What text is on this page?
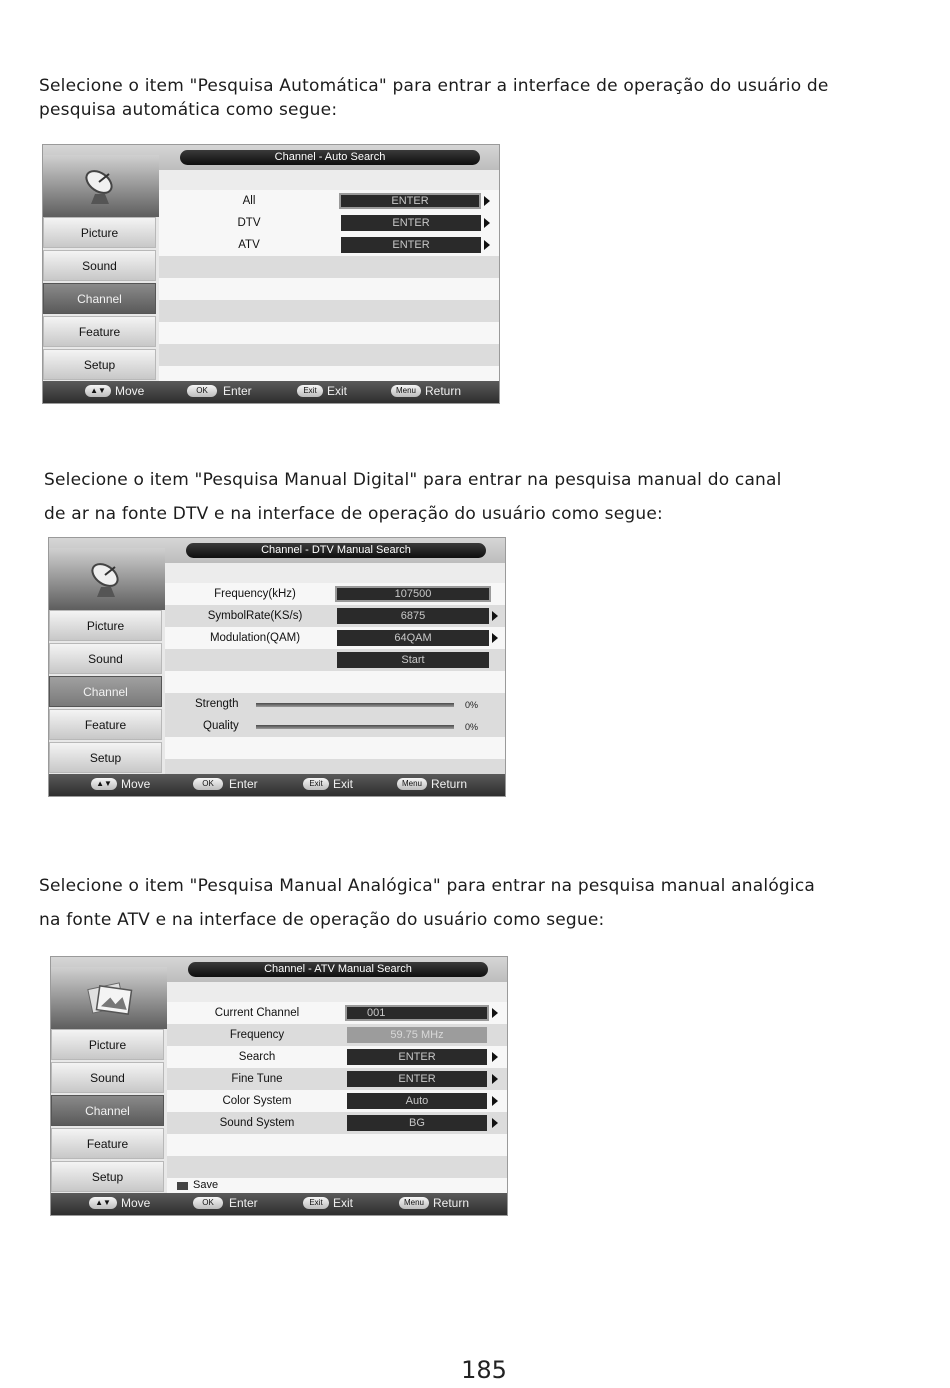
Selecione o item "Pesquisa Automática" para entrar a interface de operação do usuário de
pesquisa automática como segue:
Channel - Auto Search
Picture
Sound
Channel
Feature
Setup
All	ENTER
DTV	ENTER
ATV	ENTER
▲▼ Move	OK	Enter	Exit Exit	Menu Return
Selecione o item "Pesquisa Manual Digital" para entrar na pesquisa manual do canal
de ar na fonte DTV e na interface de operação do usuário como segue:
Channel - DTV Manual Search
Picture
Sound
Channel
Feature
Setup
Frequency(kHz)	107500
SymbolRate(KS/s)	6875
Modulation(QAM)	64QAM
Start
Strength	0%
Quality	0%
▲▼ Move	OK	Enter	Exit Exit	Menu Return
Selecione o item "Pesquisa Manual Analógica" para entrar na pesquisa manual analógica
na fonte ATV e na interface de operação do usuário como segue:
Channel - ATV Manual Search
Picture
Sound
Channel
Feature
Setup
Current Channel	001
Frequency	59.75 MHz
Search	ENTER
Fine Tune	ENTER
Color System	Auto
Sound System	BG
Save
▲▼ Move	OK	Enter	Exit Exit	Menu Return
185
